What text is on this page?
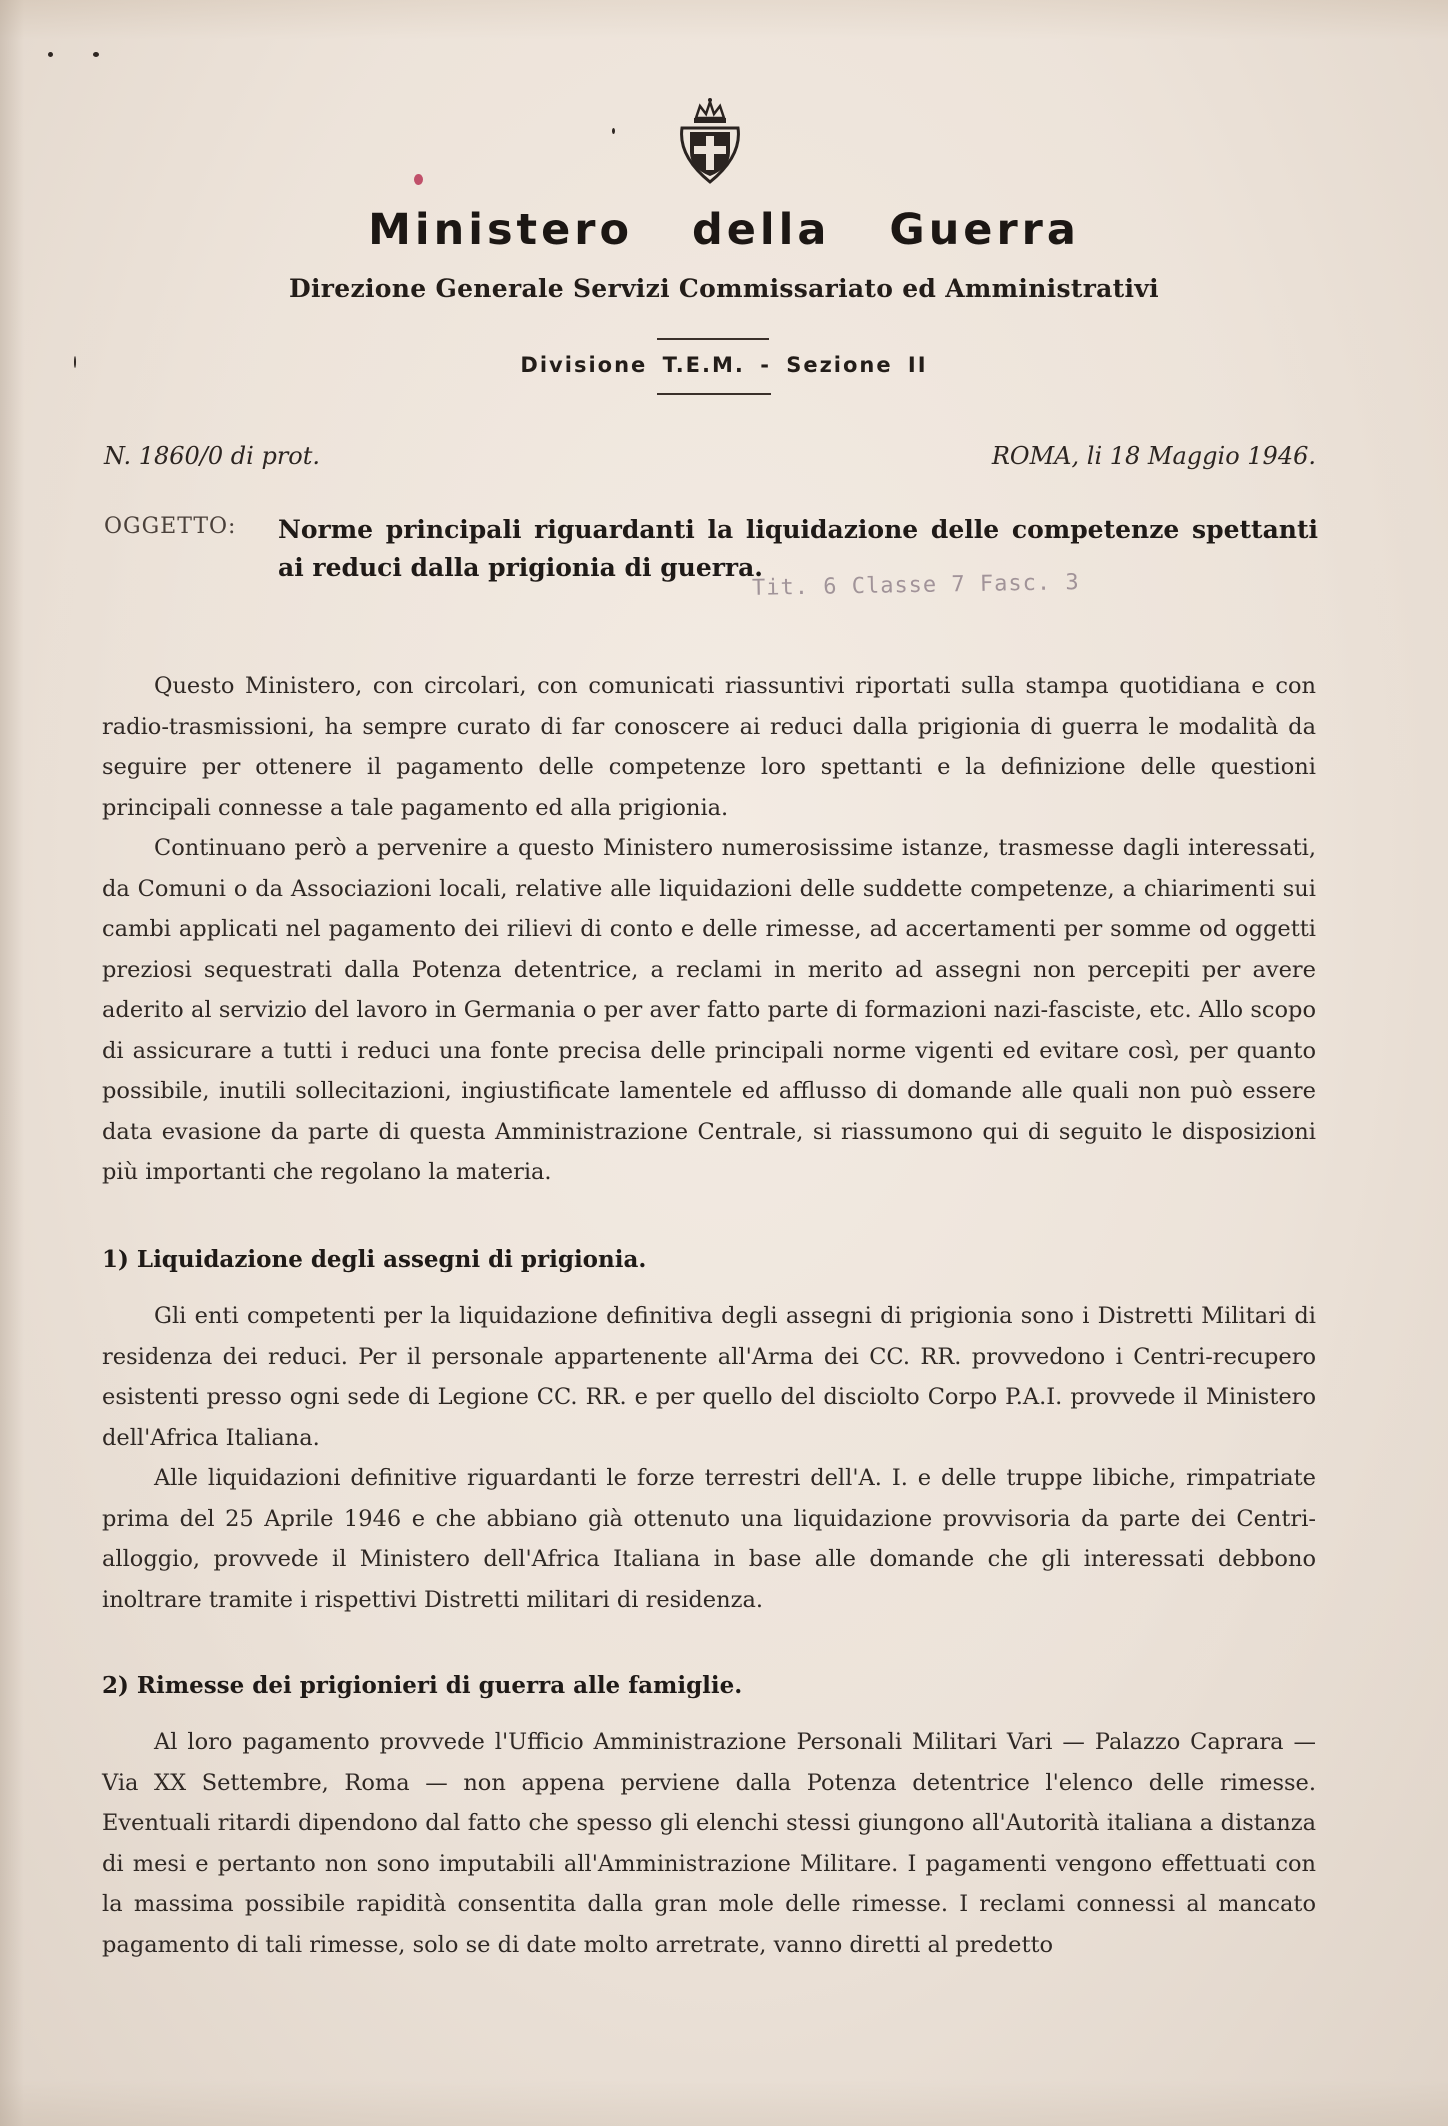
Ministero della Guerra
Direzione Generale Servizi Commissariato ed Amministrativi
Divisione T.E.M. - Sezione II
N. 1860/0 di prot.	ROMA, li 18 Maggio 1946.
OGGETTO: Norme principali riguardanti la liquidazione delle competenze spettanti ai reduci dalla prigionia di guerra.
Tit. 6 Classe 7 Fasc. 3

Questo Ministero, con circolari, con comunicati riassuntivi riportati sulla stampa quotidiana e con radio-trasmissioni, ha sempre curato di far conoscere ai reduci dalla prigionia di guerra le modalità da seguire per ottenere il pagamento delle competenze loro spettanti e la definizione delle questioni principali connesse a tale pagamento ed alla prigionia.

Continuano però a pervenire a questo Ministero numerosissime istanze, trasmesse dagli interessati, da Comuni o da Associazioni locali, relative alle liquidazioni delle suddette competenze, a chiarimenti sui cambi applicati nel pagamento dei rilievi di conto e delle rimesse, ad accertamenti per somme od oggetti preziosi sequestrati dalla Potenza detentrice, a reclami in merito ad assegni non percepiti per avere aderito al servizio del lavoro in Germania o per aver fatto parte di formazioni nazi-fasciste, etc. Allo scopo di assicurare a tutti i reduci una fonte precisa delle principali norme vigenti ed evitare così, per quanto possibile, inutili sollecitazioni, ingiustificate lamentele ed afflusso di domande alle quali non può essere data evasione da parte di questa Amministrazione Centrale, si riassumono qui di seguito le disposizioni più importanti che regolano la materia.

1) Liquidazione degli assegni di prigionia.

Gli enti competenti per la liquidazione definitiva degli assegni di prigionia sono i Distretti Militari di residenza dei reduci. Per il personale appartenente all'Arma dei CC. RR. provvedono i Centri-recupero esistenti presso ogni sede di Legione CC. RR. e per quello del disciolto Corpo P.A.I. provvede il Ministero dell'Africa Italiana.

Alle liquidazioni definitive riguardanti le forze terrestri dell'A. I. e delle truppe libiche, rimpatriate prima del 25 Aprile 1946 e che abbiano già ottenuto una liquidazione provvisoria da parte dei Centri-alloggio, provvede il Ministero dell'Africa Italiana in base alle domande che gli interessati debbono inoltrare tramite i rispettivi Distretti militari di residenza.

2) Rimesse dei prigionieri di guerra alle famiglie.

Al loro pagamento provvede l'Ufficio Amministrazione Personali Militari Vari — Palazzo Caprara — Via XX Settembre, Roma — non appena perviene dalla Potenza detentrice l'elenco delle rimesse. Eventuali ritardi dipendono dal fatto che spesso gli elenchi stessi giungono all'Autorità italiana a distanza di mesi e pertanto non sono imputabili all'Amministrazione Militare. I pagamenti vengono effettuati con la massima possibile rapidità consentita dalla gran mole delle rimesse. I reclami connessi al mancato pagamento di tali rimesse, solo se di date molto arretrate, vanno diretti al predetto
